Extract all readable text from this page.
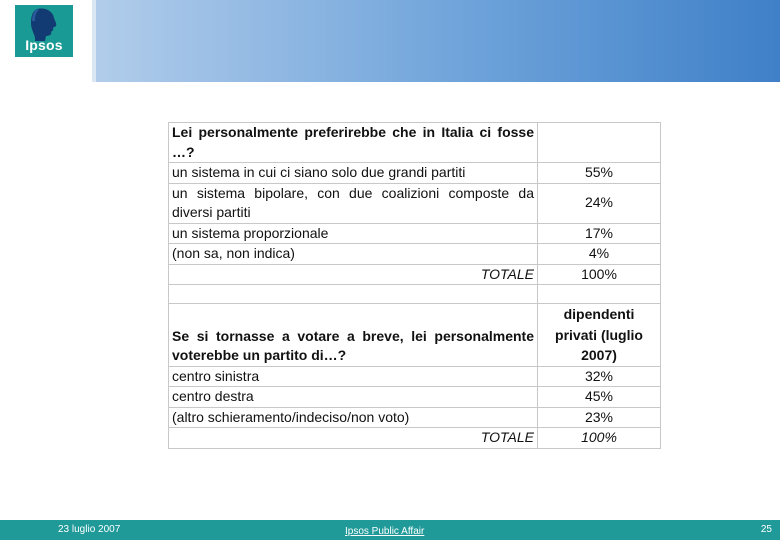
Ipsos
Lei personalmente preferirebbe che in Italia ci fosse …?	
un sistema in cui ci siano solo due grandi partiti	55%
un sistema bipolare, con due coalizioni composte da diversi partiti	24%
un sistema proporzionale	17%
(non sa, non indica)	4%
TOTALE	100%

Se si tornasse a votare a breve, lei personalmente voterebbe un partito di…?	dipendenti privati (luglio 2007)
centro sinistra	32%
centro destra	45%
(altro schieramento/indeciso/non voto)	23%
TOTALE	100%
23 luglio 2007	Ipsos Public Affair	25
